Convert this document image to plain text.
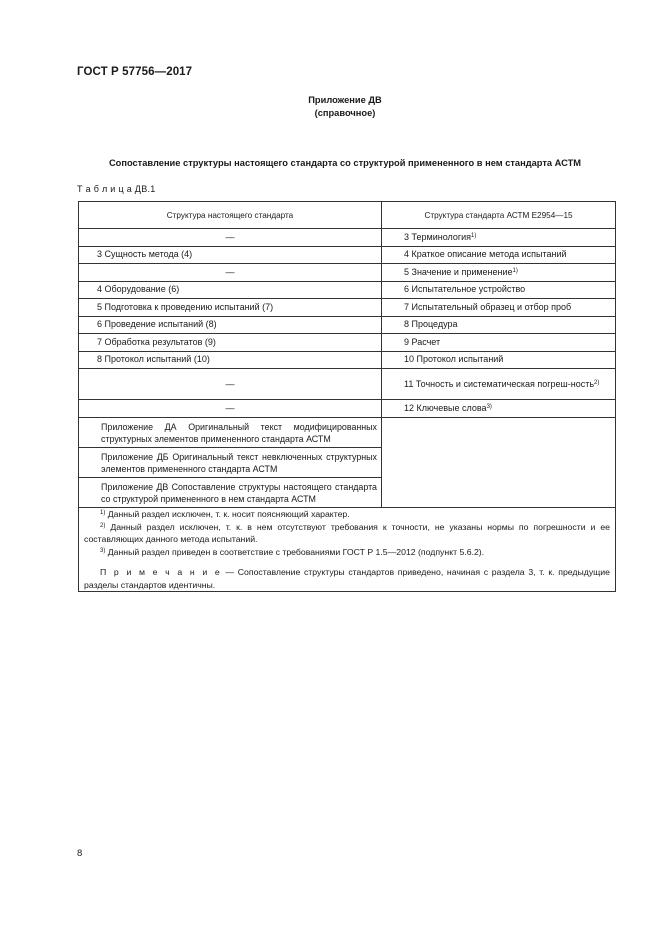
ГОСТ Р 57756—2017
Приложение ДВ
(справочное)
Сопоставление структуры настоящего стандарта со структурой примененного в нем стандарта АСТМ
Т а б л и ц а ДВ.1
Структура настоящего стандарта	Структура стандарта АСТМ Е2954—15
—	3 Терминология$^{1)}$
3 Сущность метода (4)	4 Краткое описание метода испытаний
—	5 Значение и применение$^{1)}$
4 Оборудование (6)	6 Испытательное устройство
5 Подготовка к проведению испытаний (7)	7 Испытательный образец и отбор проб
6 Проведение испытаний (8)	8 Процедура
7 Обработка результатов (9)	9 Расчет
8 Протокол испытаний (10)	10 Протокол испытаний
—	11 Точность и систематическая погреш-ность$^{2)}$
—	12 Ключевые слова$^{3)}$
Приложение ДА Оригинальный текст модифицированных структурных элементов примененного стандарта АСТМ	
Приложение ДБ Оригинальный текст невключенных структурных элементов примененного стандарта АСТМ	
Приложение ДВ Сопоставление структуры настоящего стандарта со структурой примененного в нем стандарта АСТМ	

$^{1)}$ Данный раздел исключен, т. к. носит поясняющий характер.

$^{2)}$ Данный раздел исключен, т. к. в нем отсутствуют требования к точности, не указаны нормы по погрешности и ее составляющих данного метода испытаний.

$^{3)}$ Данный раздел приведен в соответствие с требованиями ГОСТ Р 1.5—2012 (подпункт 5.6.2).

П р и м е ч а н и е — Сопоставление структуры стандартов приведено, начиная с раздела 3, т. к. предыдущие разделы стандартов идентичны.	

8
